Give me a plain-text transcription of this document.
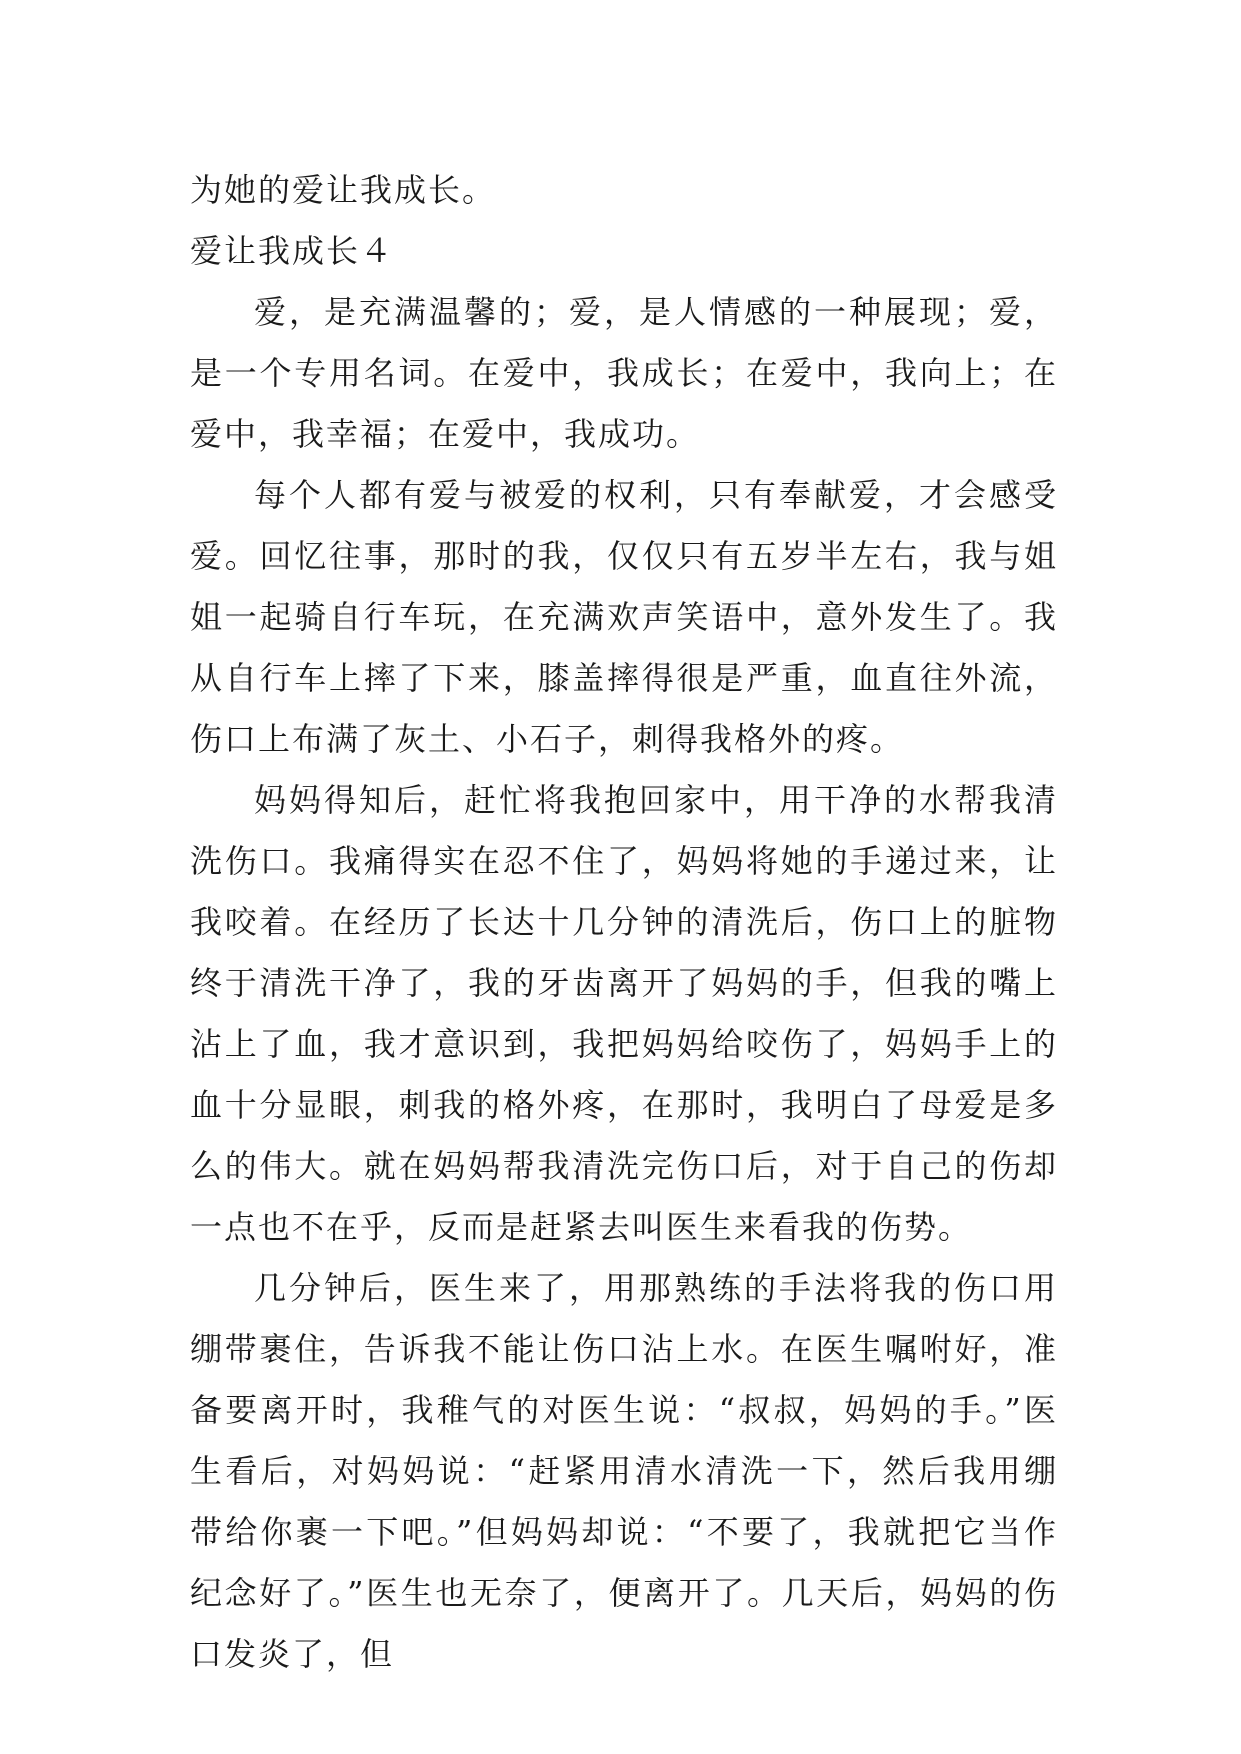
为她的爱让我成长。

爱让我成长４

爱，是充满温馨的；爱，是人情感的一种展现；爱，是一个专用名词。在爱中，我成长；在爱中，我向上；在爱中，我幸福；在爱中，我成功。

每个人都有爱与被爱的权利，只有奉献爱，才会感受爱。回忆往事，那时的我，仅仅只有五岁半左右，我与姐姐一起骑自行车玩，在充满欢声笑语中，意外发生了。我从自行车上摔了下来，膝盖摔得很是严重，血直往外流，伤口上布满了灰土、小石子，刺得我格外的疼。

妈妈得知后，赶忙将我抱回家中，用干净的水帮我清洗伤口。我痛得实在忍不住了，妈妈将她的手递过来，让我咬着。在经历了长达十几分钟的清洗后，伤口上的脏物终于清洗干净了，我的牙齿离开了妈妈的手，但我的嘴上沾上了血，我才意识到，我把妈妈给咬伤了，妈妈手上的血十分显眼，刺我的格外疼，在那时，我明白了母爱是多么的伟大。就在妈妈帮我清洗完伤口后，对于自己的伤却一点也不在乎，反而是赶紧去叫医生来看我的伤势。

几分钟后，医生来了，用那熟练的手法将我的伤口用绷带裹住，告诉我不能让伤口沾上水。在医生嘱咐好，准备要离开时，我稚气的对医生说：“叔叔，妈妈的手。”医生看后，对妈妈说：“赶紧用清水清洗一下，然后我用绷带给你裹一下吧。”但妈妈却说：“不要了，我就把它当作纪念好了。”医生也无奈了，便离开了。几天后，妈妈的伤口发炎了，但
